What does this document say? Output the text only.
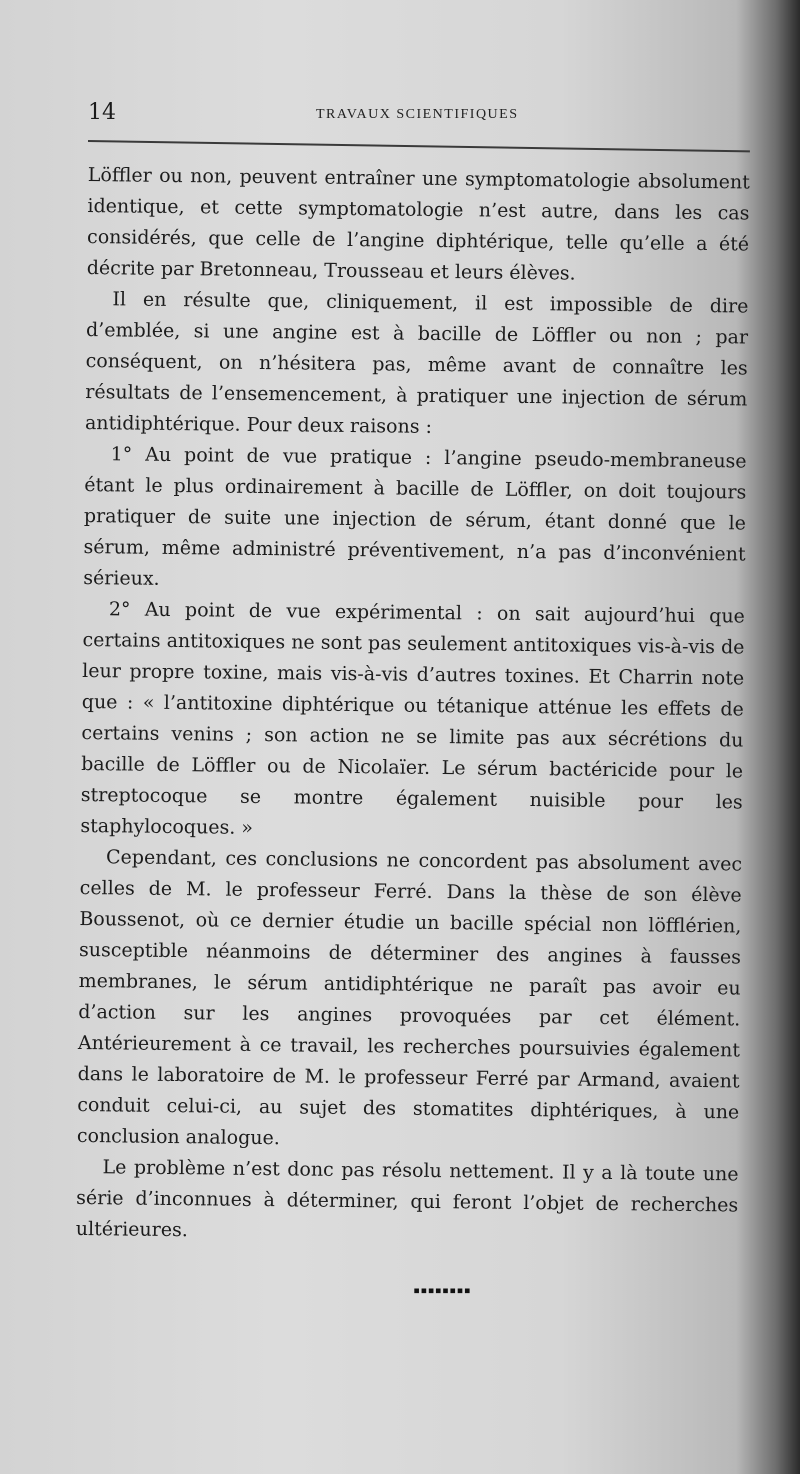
14	TRAVAUX SCIENTIFIQUES

Löffler ou non, peuvent entraîner une symptomatologie absolument identique, et cette symptomatologie n’est autre, dans les cas considérés, que celle de l’angine diphtérique, telle qu’elle a été décrite par Bretonneau, Trousseau et leurs élèves.

Il en résulte que, cliniquement, il est impossible de dire d’emblée, si une angine est à bacille de Löffler ou non ; par conséquent, on n’hésitera pas, même avant de connaître les résultats de l’ensemencement, à pratiquer une injection de sérum antidiphtérique. Pour deux raisons :

1° Au point de vue pratique : l’angine pseudo-membraneuse étant le plus ordinairement à bacille de Löffler, on doit toujours pratiquer de suite une injection de sérum, étant donné que le sérum, même administré préventivement, n’a pas d’inconvénient sérieux.

2° Au point de vue expérimental : on sait aujourd’hui que certains antitoxiques ne sont pas seulement antitoxiques vis-à-vis de leur propre toxine, mais vis-à-vis d’autres toxines. Et Charrin note que : « l’antitoxine diphtérique ou tétanique atténue les effets de certains venins ; son action ne se limite pas aux sécrétions du bacille de Löffler ou de Nicolaïer. Le sérum bactéricide pour le streptocoque se montre également nuisible pour les staphylocoques. »

Cependant, ces conclusions ne concordent pas absolument avec celles de M. le professeur Ferré. Dans la thèse de son élève Boussenot, où ce dernier étudie un bacille spécial non löfflérien, susceptible néanmoins de déterminer des angines à fausses membranes, le sérum antidiphtérique ne paraît pas avoir eu d’action sur les angines provoquées par cet élément. Antérieurement à ce travail, les recherches poursuivies également dans le laboratoire de M. le professeur Ferré par Armand, avaient conduit celui-ci, au sujet des stomatites diphtériques, à une conclusion analogue.

Le problème n’est donc pas résolu nettement. Il y a là toute une série d’inconnues à déterminer, qui feront l’objet de recherches ultérieures.

▪▪▪▪▪▪▪▪
